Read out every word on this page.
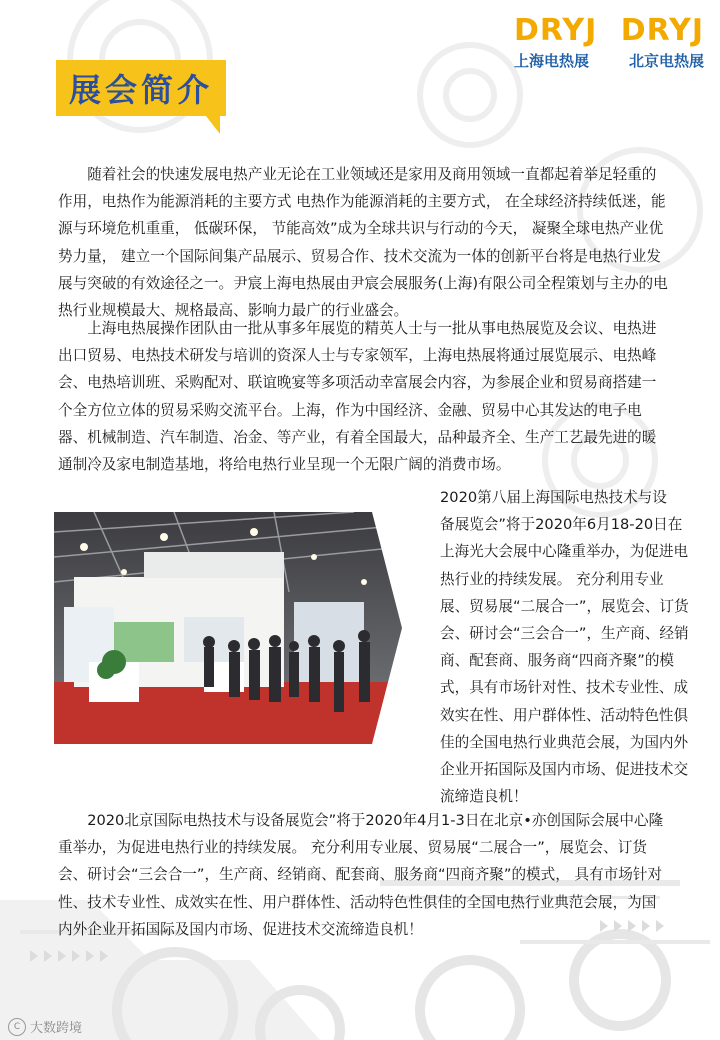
DRYJ DRYJ
上海电热展	北京电热展
展会简介
随着社会的快速发展电热产业无论在工业领域还是家用及商用领域一直都起着举足轻重的作用，电热作为能源消耗的主要方式 电热作为能源消耗的主要方式， 在全球经济持续低迷，能源与环境危机重重， 低碳环保， 节能高效”成为全球共识与行动的今天， 凝聚全球电热产业优势力量， 建立一个国际间集产品展示、贸易合作、技术交流为一体的创新平台将是电热行业发展与突破的有效途径之一。尹宸上海电热展由尹宸会展服务(上海)有限公司全程策划与主办的电热行业规模最大、规格最高、影响力最广的行业盛会。
上海电热展操作团队由一批从事多年展览的精英人士与一批从事电热展览及会议、电热进出口贸易、电热技术研发与培训的资深人士与专家领军，上海电热展将通过展览展示、电热峰会、电热培训班、采购配对、联谊晚宴等多项活动幸富展会内容，为参展企业和贸易商搭建一个全方位立体的贸易采购交流平台。上海，作为中国经济、金融、贸易中心其发达的电子电器、机械制造、汽车制造、冶金、等产业，有着全国最大，品种最齐全、生产工艺最先进的暖通制冷及家电制造基地，将给电热行业呈现一个无限广阔的消费市场。
2020第八届上海国际电热技术与设
备展览会”将于2020年6月18-20日在上海光大会展中心隆重举办，为促进电热行业的持续发展。 充分利用专业展、贸易展“二展合一”，展览会、订货会、研讨会“三会合一”，生产商、经销商、配套商、服务商“四商齐聚”的模式，具有市场针对性、技术专业性、成效实在性、用户群体性、活动特色性俱佳的全国电热行业典范会展，为国内外企业开拓国际及国内市场、促进技术交流缔造良机！
2020北京国际电热技术与设备展览会”将于2020年4月1-3日在北京•亦创国际会展中心隆重举办，为促进电热行业的持续发展。 充分利用专业展、贸易展“二展合一”，展览会、订货会、研讨会“三会合一”，生产商、经销商、配套商、服务商“四商齐聚”的模式， 具有市场针对性、技术专业性、成效实在性、用户群体性、活动特色性俱佳的全国电热行业典范会展，为国内外企业开拓国际及国内市场、促进技术交流缔造良机！
C 大数跨境
